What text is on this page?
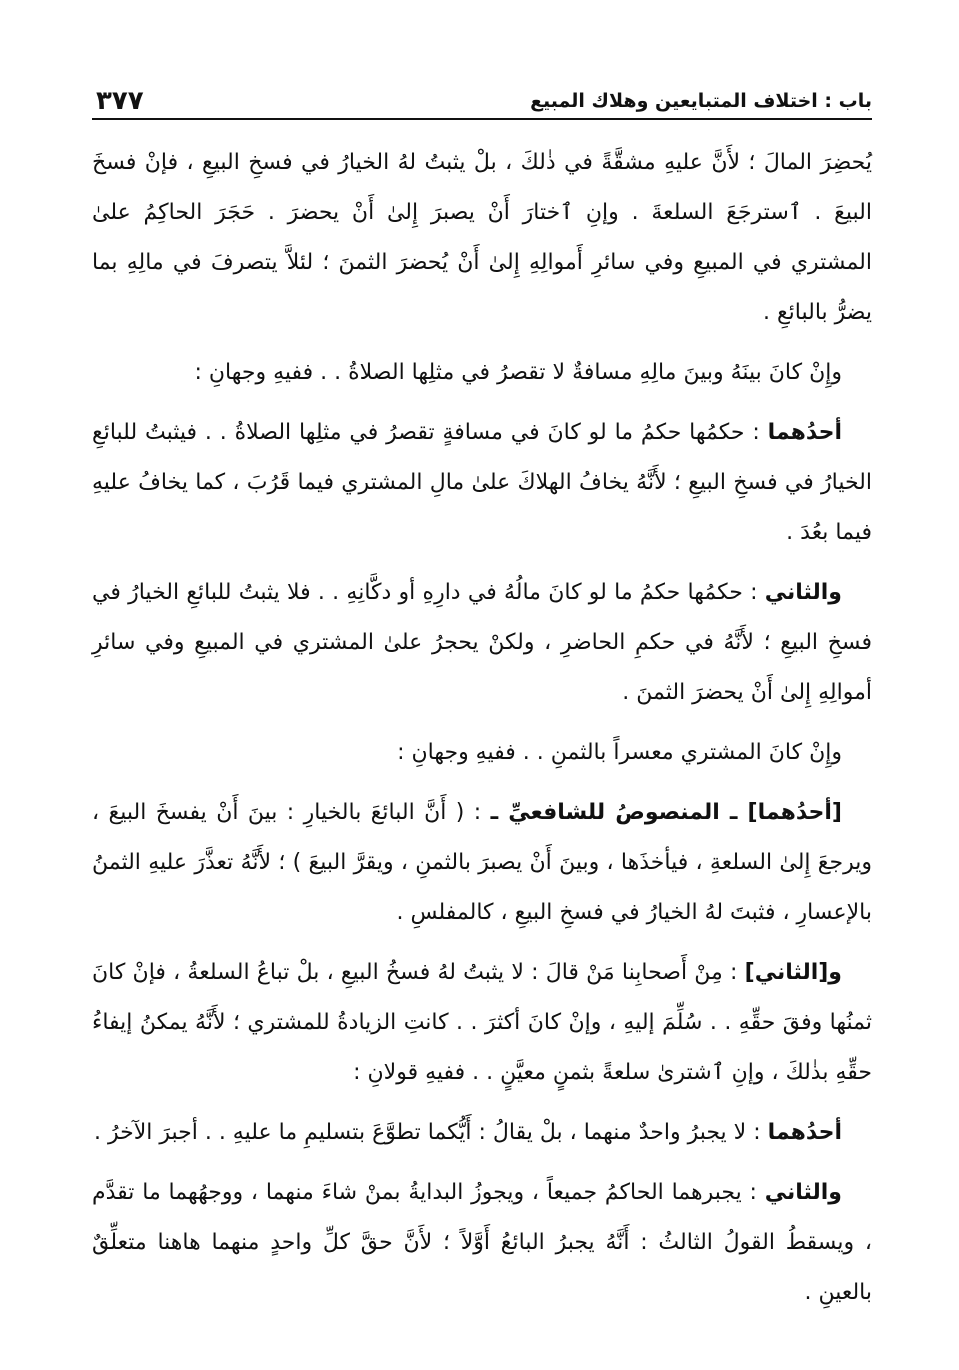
باب : اختلاف المتبايعين وهلاك المبيع
٣٧٧

يُحضِرَ المالَ ؛ لأَنَّ عليهِ مشقَّةً في ذٰلكَ ، بلْ يثبتُ لهُ الخيارُ في فسخِ البيعِ ، فإنْ فسخَ البيعَ . ٱسترجَعَ السلعةَ . وإنِ ٱختارَ أَنْ يصبرَ إِلىٰ أَنْ يحضرَ . حَجَرَ الحاكِمُ علىٰ المشتري في المبيعِ وفي سائرِ أَموالِهِ إِلىٰ أَنْ يُحضرَ الثمنَ ؛ لئلاَّ يتصرفَ في مالِهِ بما يضرُّ بالبائعِ .

وإِنْ كانَ بينَهُ وبينَ مالِهِ مسافةٌ لا تقصرُ في مثلِها الصلاةُ . . ففيهِ وجهانِ :

أحدُهما : حكمُها حكمُ ما لو كانَ في مسافةٍ تقصرُ في مثلِها الصلاةُ . . فيثبتُ للبائعِ الخيارُ في فسخِ البيعِ ؛ لأَنَّهُ يخافُ الهلاكَ علىٰ مالِ المشتري فيما قَرُبَ ، كما يخافُ عليهِ فيما بعُدَ .

والثاني : حكمُها حكمُ ما لو كانَ مالُهُ في دارِهِ أو دكَّانِهِ . . فلا يثبتُ للبائعِ الخيارُ في فسخِ البيعِ ؛ لأَنَّهُ في حكمِ الحاضرِ ، ولكنْ يحجرُ علىٰ المشتري في المبيعِ وفي سائرِ أموالِهِ إِلىٰ أَنْ يحضرَ الثمنَ .

وإِنْ كانَ المشتري معسراً بالثمنِ . . ففيهِ وجهانِ :

[أحدُهما] ـ المنصوصُ للشافعيِّ ـ : ( أَنَّ البائعَ بالخيارِ : بينَ أَنْ يفسخَ البيعَ ، ويرجعَ إِلىٰ السلعةِ ، فيأخذَها ، وبينَ أَنْ يصبرَ بالثمنِ ، ويقرَّ البيعَ ) ؛ لأَنَّهُ تعذَّرَ عليهِ الثمنُ بالإعسارِ ، فثبتَ لهُ الخيارُ في فسخِ البيعِ ، كالمفلسِ .

و[الثاني] : مِنْ أَصحابِنا مَنْ قالَ : لا يثبتُ لهُ فسخُ البيعِ ، بلْ تباعُ السلعةُ ، فإنْ كانَ ثمنُها وفقَ حقِّهِ . . سُلِّمَ إليهِ ، وإنْ كانَ أكثرَ . . كانتِ الزيادةُ للمشتري ؛ لأَنَّهُ يمكنُ إيفاءُ حقِّهِ بذٰلكَ ، وإنِ ٱشترىٰ سلعةً بثمنٍ معيَّنٍ . . ففيهِ قولانِ :

أحدُهما : لا يجبرُ واحدٌ منهما ، بلْ يقالُ : أَيُّكما تطوَّعَ بتسليمِ ما عليهِ . . أجبرَ الآخرُ .

والثاني : يجبرهما الحاكمُ جميعاً ، ويجوزُ البدايةُ بمنْ شاءَ منهما ، ووجهُهما ما تقدَّم ، ويسقطُ القولُ الثالثُ : أَنَّهُ يجبرُ البائعُ أَوَّلاً ؛ لأَنَّ حقَّ كلِّ واحدٍ منهما هاهنا متعلِّقٌ بالعينِ .
